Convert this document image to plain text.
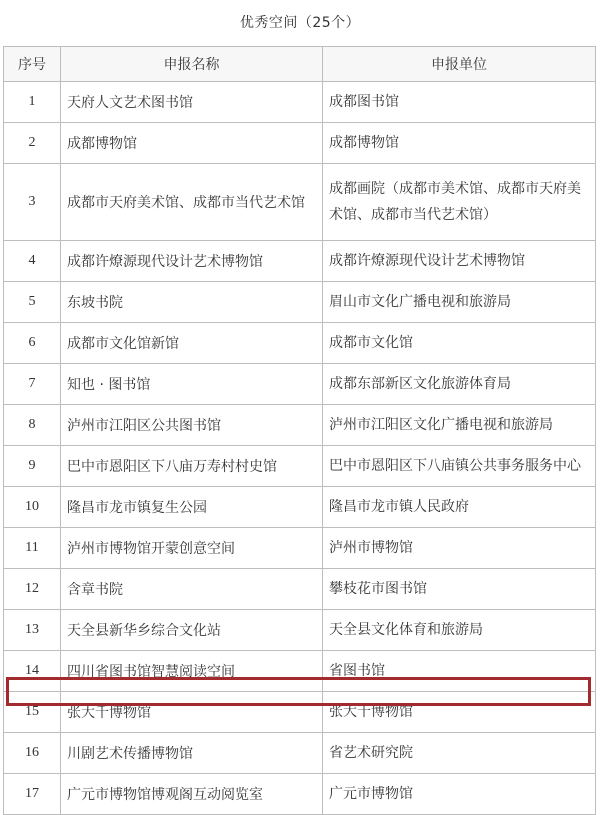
优秀空间（25个）
序号	申报名称	申报单位
1	天府人文艺术图书馆	成都图书馆
2	成都博物馆	成都博物馆
3	成都市天府美术馆、成都市当代艺术馆	成都画院（成都市美术馆、成都市天府美术馆、成都市当代艺术馆）
4	成都许燎源现代设计艺术博物馆	成都许燎源现代设计艺术博物馆
5	东坡书院	眉山市文化广播电视和旅游局
6	成都市文化馆新馆	成都市文化馆
7	知也 · 图书馆	成都东部新区文化旅游体育局
8	泸州市江阳区公共图书馆	泸州市江阳区文化广播电视和旅游局
9	巴中市恩阳区下八庙万寿村村史馆	巴中市恩阳区下八庙镇公共事务服务中心
10	隆昌市龙市镇复生公园	隆昌市龙市镇人民政府
11	泸州市博物馆开蒙创意空间	泸州市博物馆
12	含章书院	攀枝花市图书馆
13	天全县新华乡综合文化站	天全县文化体育和旅游局
14	四川省图书馆智慧阅读空间	省图书馆
15	张大千博物馆	张大千博物馆
16	川剧艺术传播博物馆	省艺术研究院
17	广元市博物馆博观阁互动阅览室	广元市博物馆
